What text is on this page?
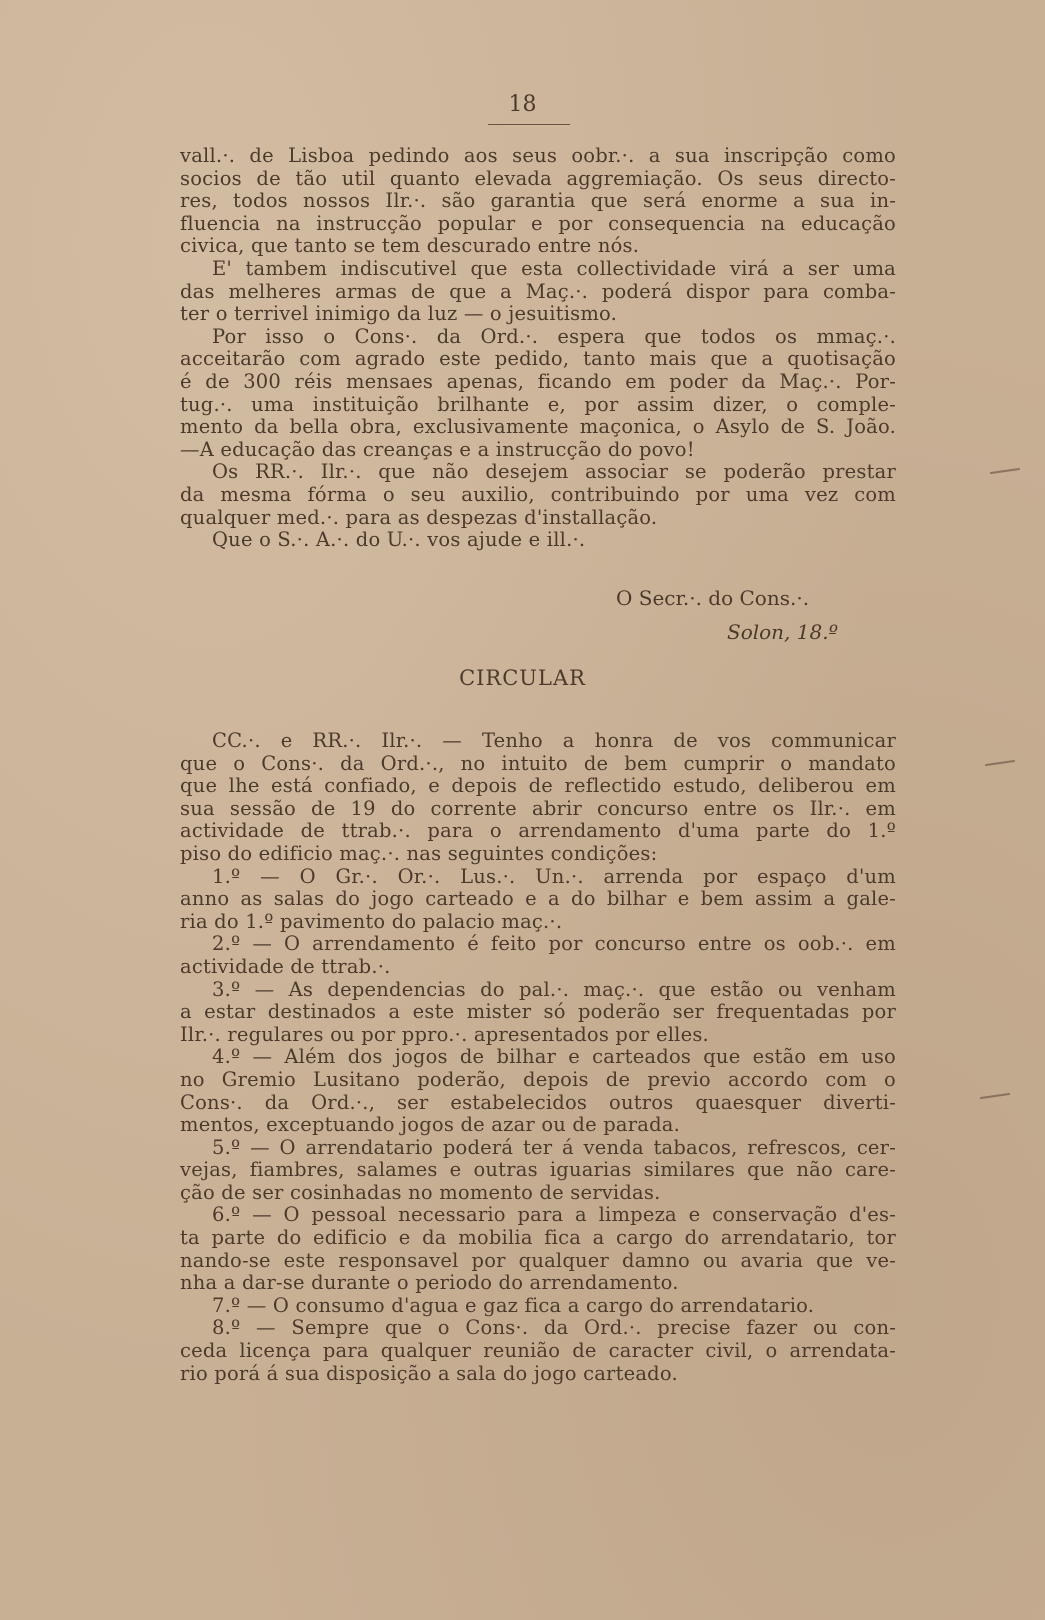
18
vall.·. de Lisboa pedindo aos seus oobr.·. a sua inscripção como
socios de tão util quanto elevada aggremiação. Os seus directo-
res, todos nossos Ilr.·. são garantia que será enorme a sua in-
fluencia na instrucção popular e por consequencia na educação
civica, que tanto se tem descurado entre nós.
E' tambem indiscutivel que esta collectividade virá a ser uma
das melheres armas de que a Maç.·. poderá dispor para comba-
ter o terrivel inimigo da luz — o jesuitismo.
Por isso o Cons·. da Ord.·. espera que todos os mmaç.·.
acceitarão com agrado este pedido, tanto mais que a quotisação
é de 300 réis mensaes apenas, ficando em poder da Maç.·. Por-
tug.·. uma instituição brilhante e, por assim dizer, o comple-
mento da bella obra, exclusivamente maçonica, o Asylo de S. João.
—A educação das creanças e a instrucção do povo!
Os RR.·. Ilr.·. que não desejem associar se poderão prestar
da mesma fórma o seu auxilio, contribuindo por uma vez com
qualquer med.·. para as despezas d'installação.
Que o S.·. A.·. do U.·. vos ajude e ill.·.
O Secr.·. do Cons.·.
Solon, 18.º
CIRCULAR
CC.·. e RR.·. Ilr.·. — Tenho a honra de vos communicar
que o Cons·. da Ord.·., no intuito de bem cumprir o mandato
que lhe está confiado, e depois de reflectido estudo, deliberou em
sua sessão de 19 do corrente abrir concurso entre os Ilr.·. em
actividade de ttrab.·. para o arrendamento d'uma parte do 1.º
piso do edificio maç.·. nas seguintes condições:
1.º — O Gr.·. Or.·. Lus.·. Un.·. arrenda por espaço d'um
anno as salas do jogo carteado e a do bilhar e bem assim a gale-
ria do 1.º pavimento do palacio maç.·.
2.º — O arrendamento é feito por concurso entre os oob.·. em
actividade de ttrab.·.
3.º — As dependencias do pal.·. maç.·. que estão ou venham
a estar destinados a este mister só poderão ser frequentadas por
Ilr.·. regulares ou por ppro.·. apresentados por elles.
4.º — Além dos jogos de bilhar e carteados que estão em uso
no Gremio Lusitano poderão, depois de previo accordo com o
Cons·. da Ord.·., ser estabelecidos outros quaesquer diverti-
mentos, exceptuando jogos de azar ou de parada.
5.º — O arrendatario poderá ter á venda tabacos, refrescos, cer-
vejas, fiambres, salames e outras iguarias similares que não care-
ção de ser cosinhadas no momento de servidas.
6.º — O pessoal necessario para a limpeza e conservação d'es-
ta parte do edificio e da mobilia fica a cargo do arrendatario, tor
nando-se este responsavel por qualquer damno ou avaria que ve-
nha a dar-se durante o periodo do arrendamento.
7.º — O consumo d'agua e gaz fica a cargo do arrendatario.
8.º — Sempre que o Cons·. da Ord.·. precise fazer ou con-
ceda licença para qualquer reunião de caracter civil, o arrendata-
rio porá á sua disposição a sala do jogo carteado.
